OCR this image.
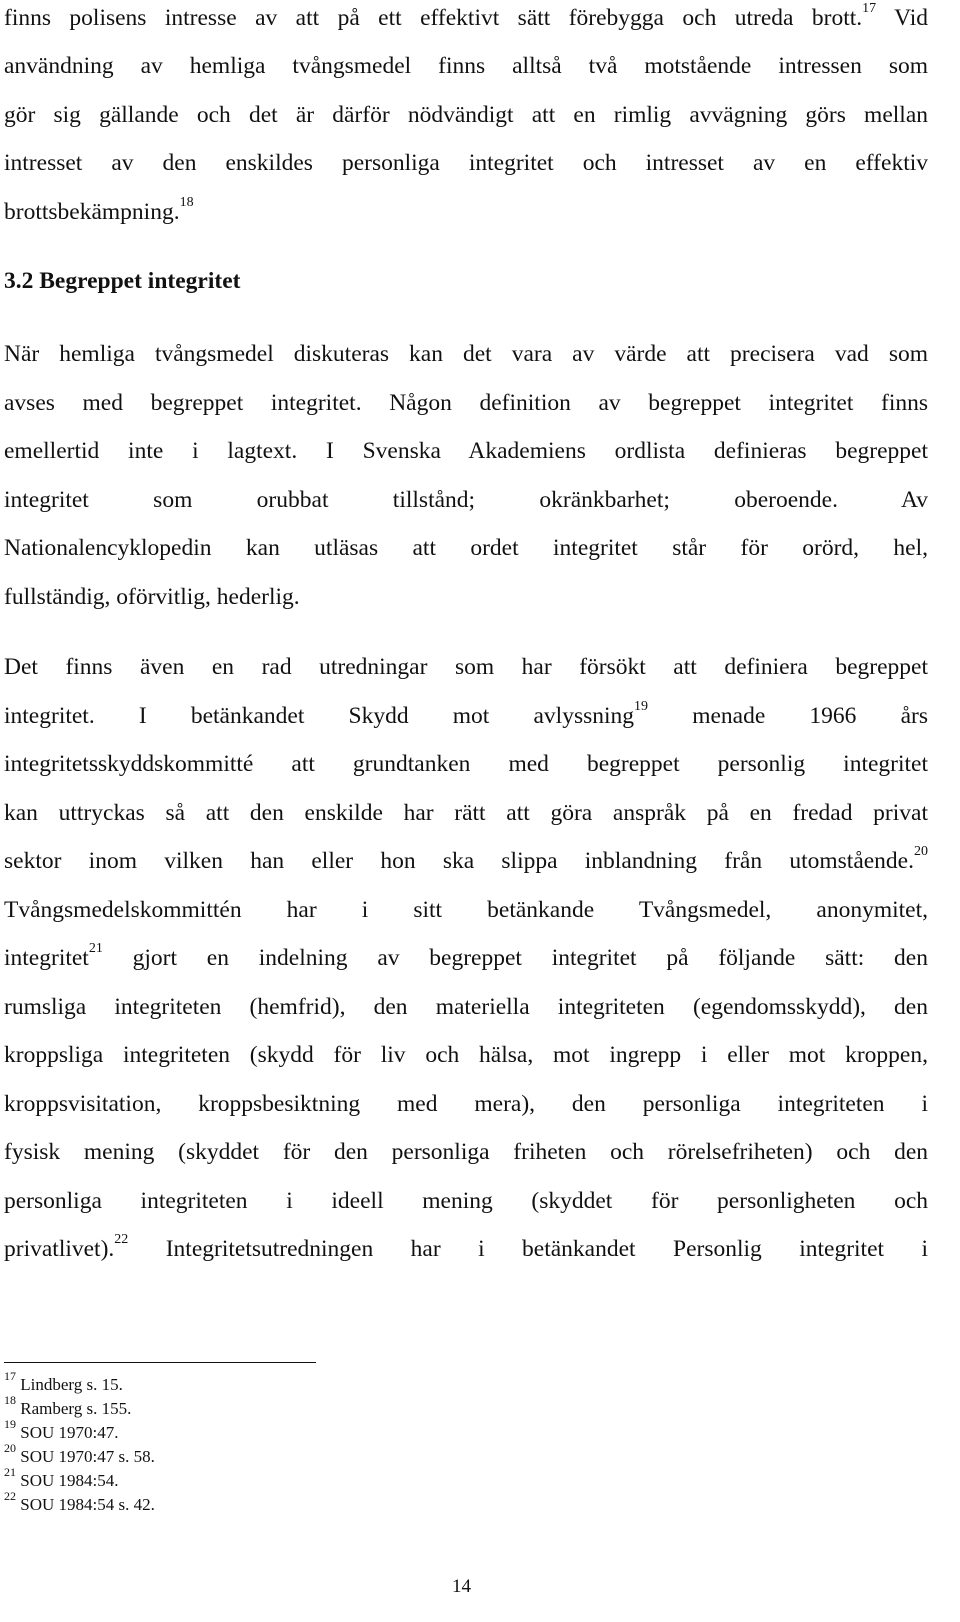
finns polisens intresse av att på ett effektivt sätt förebygga och utreda brott.$^{17}$ Vid
användning av hemliga tvångsmedel finns alltså två motstående intressen som
gör sig gällande och det är därför nödvändigt att en rimlig avvägning görs mellan
intresset av den enskildes personliga integritet och intresset av en effektiv
brottsbekämpning.$^{18}$
3.2 Begreppet integritet
När hemliga tvångsmedel diskuteras kan det vara av värde att precisera vad som
avses med begreppet integritet. Någon definition av begreppet integritet finns
emellertid inte i lagtext. I Svenska Akademiens ordlista definieras begreppet
integritet som orubbat tillstånd; okränkbarhet; oberoende. Av
Nationalencyklopedin kan utläsas att ordet integritet står för orörd, hel,
fullständig, oförvitlig, hederlig.
Det finns även en rad utredningar som har försökt att definiera begreppet
integritet. I betänkandet Skydd mot avlyssning$^{19}$ menade 1966 års
integritetsskyddskommitté att grundtanken med begreppet personlig integritet
kan uttryckas så att den enskilde har rätt att göra anspråk på en fredad privat
sektor inom vilken han eller hon ska slippa inblandning från utomstående.$^{20}$
Tvångsmedelskommittén har i sitt betänkande Tvångsmedel, anonymitet,
integritet$^{21}$ gjort en indelning av begreppet integritet på följande sätt: den
rumsliga integriteten (hemfrid), den materiella integriteten (egendomsskydd), den
kroppsliga integriteten (skydd för liv och hälsa, mot ingrepp i eller mot kroppen,
kroppsvisitation, kroppsbesiktning med mera), den personliga integriteten i
fysisk mening (skyddet för den personliga friheten och rörelsefriheten) och den
personliga integriteten i ideell mening (skyddet för personligheten och
privatlivet).$^{22}$ Integritetsutredningen har i betänkandet Personlig integritet i
$^{17}$ Lindberg s. 15.
$^{18}$ Ramberg s. 155.
$^{19}$ SOU 1970:47.
$^{20}$ SOU 1970:47 s. 58.
$^{21}$ SOU 1984:54.
$^{22}$ SOU 1984:54 s. 42.
14
